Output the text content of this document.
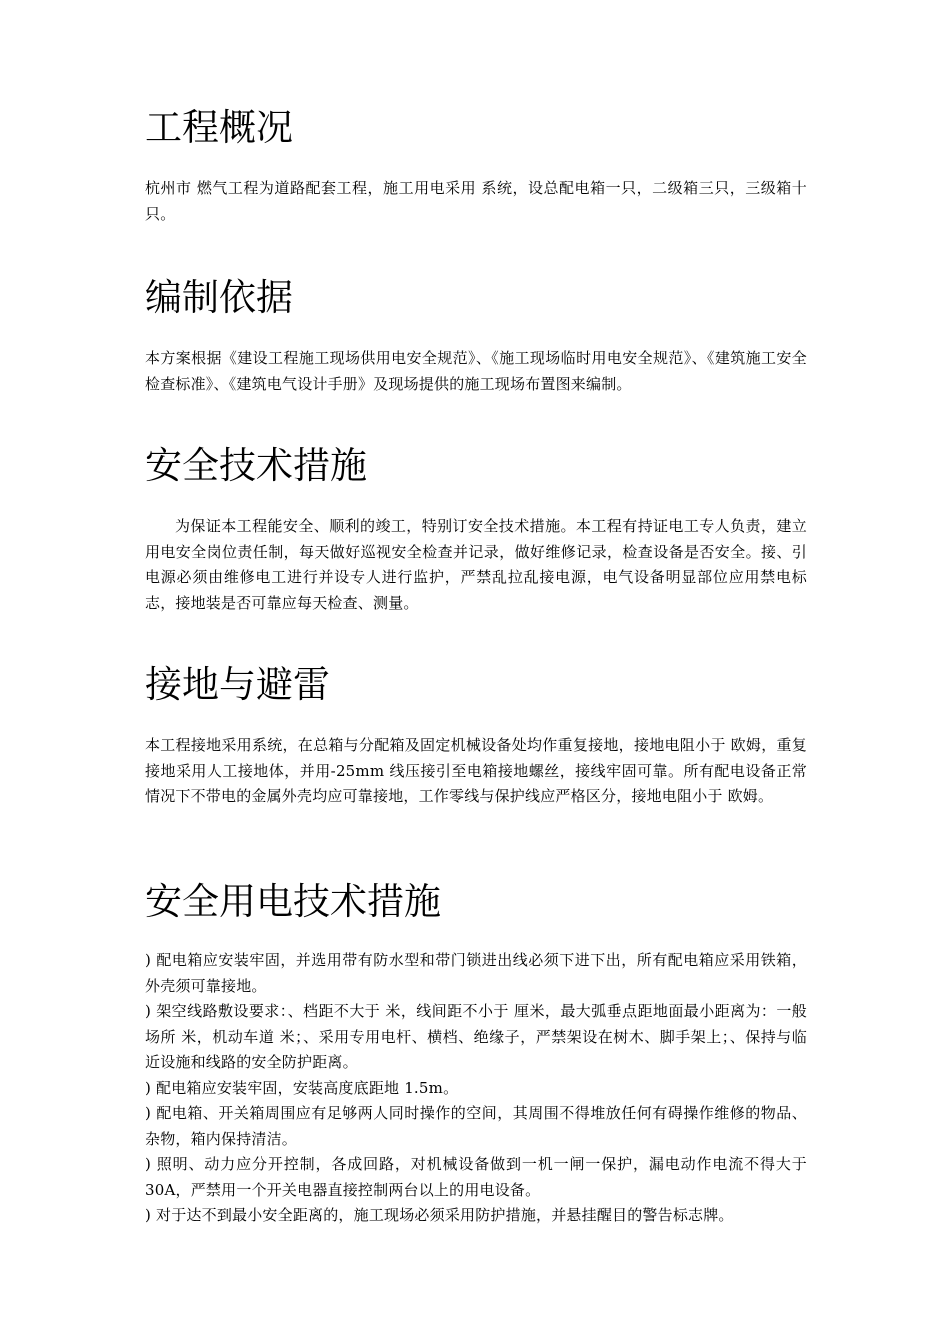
工程概况

杭州市 燃气工程为道路配套工程，施工用电采用 系统，设总配电箱一只，二级箱三只，三级箱十只。

编制依据

本方案根据《建设工程施工现场供用电安全规范》、《施工现场临时用电安全规范》、《建筑施工安全检查标准》、《建筑电气设计手册》及现场提供的施工现场布置图来编制。

安全技术措施

为保证本工程能安全、顺利的竣工，特别订安全技术措施。本工程有持证电工专人负责，建立用电安全岗位责任制，每天做好巡视安全检查并记录，做好维修记录，检查设备是否安全。接、引电源必须由维修电工进行并设专人进行监护，严禁乱拉乱接电源，电气设备明显部位应用禁电标志，接地装是否可靠应每天检查、测量。

接地与避雷

本工程接地采用系统，在总箱与分配箱及固定机械设备处均作重复接地，接地电阻小于 欧姆，重复接地采用人工接地体，并用-25mm 线压接引至电箱接地螺丝，接线牢固可靠。所有配电设备正常情况下不带电的金属外壳均应可靠接地，工作零线与保护线应严格区分，接地电阻小于 欧姆。

安全用电技术措施

) 配电箱应安装牢固，并选用带有防水型和带门锁进出线必须下进下出，所有配电箱应采用铁箱，外壳须可靠接地。

) 架空线路敷设要求：、档距不大于 米，线间距不小于 厘米，最大弧垂点距地面最小距离为：一般场所 米，机动车道 米；、采用专用电杆、横档、绝缘子，严禁架设在树木、脚手架上；、保持与临近设施和线路的安全防护距离。

) 配电箱应安装牢固，安装高度底距地 1.5m。

) 配电箱、开关箱周围应有足够两人同时操作的空间，其周围不得堆放任何有碍操作维修的物品、杂物，箱内保持清洁。

) 照明、动力应分开控制，各成回路，对机械设备做到一机一闸一保护，漏电动作电流不得大于 30A，严禁用一个开关电器直接控制两台以上的用电设备。

) 对于达不到最小安全距离的，施工现场必须采用防护措施，并悬挂醒目的警告标志牌。
